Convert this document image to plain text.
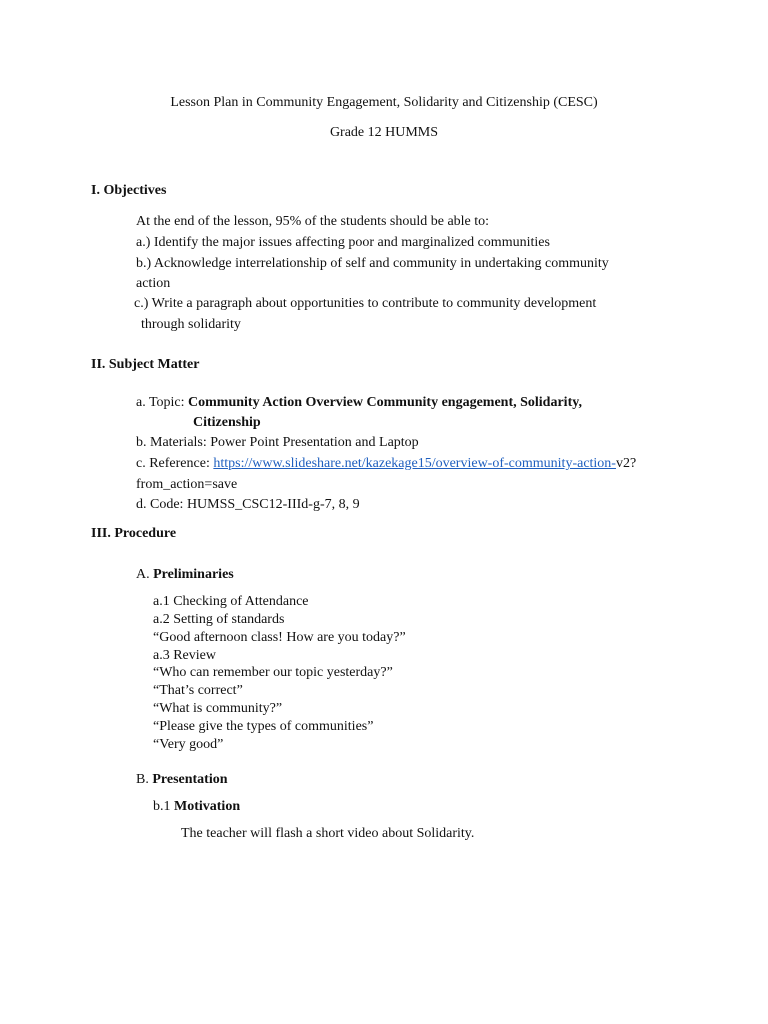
Lesson Plan in Community Engagement, Solidarity and Citizenship (CESC)
Grade 12 HUMMS
I. Objectives
At the end of the lesson, 95% of the students should be able to:
a.) Identify the major issues affecting poor and marginalized communities
b.) Acknowledge interrelationship of self and community in undertaking community
action
c.) Write a paragraph about opportunities to contribute to community development
through solidarity
II. Subject Matter
a. Topic: Community Action Overview Community engagement, Solidarity,
Citizenship
b. Materials: Power Point Presentation and Laptop
c. Reference: https://www.slideshare.net/kazekage15/overview-of-community-action-v2?
from_action=save
d. Code: HUMSS_CSC12-IIId-g-7, 8, 9
III. Procedure
A. Preliminaries
a.1 Checking of Attendance
a.2 Setting of standards
“Good afternoon class! How are you today?”
a.3 Review
“Who can remember our topic yesterday?”
“That’s correct”
“What is community?”
“Please give the types of communities”
“Very good”
B. Presentation
b.1 Motivation
The teacher will flash a short video about Solidarity.
